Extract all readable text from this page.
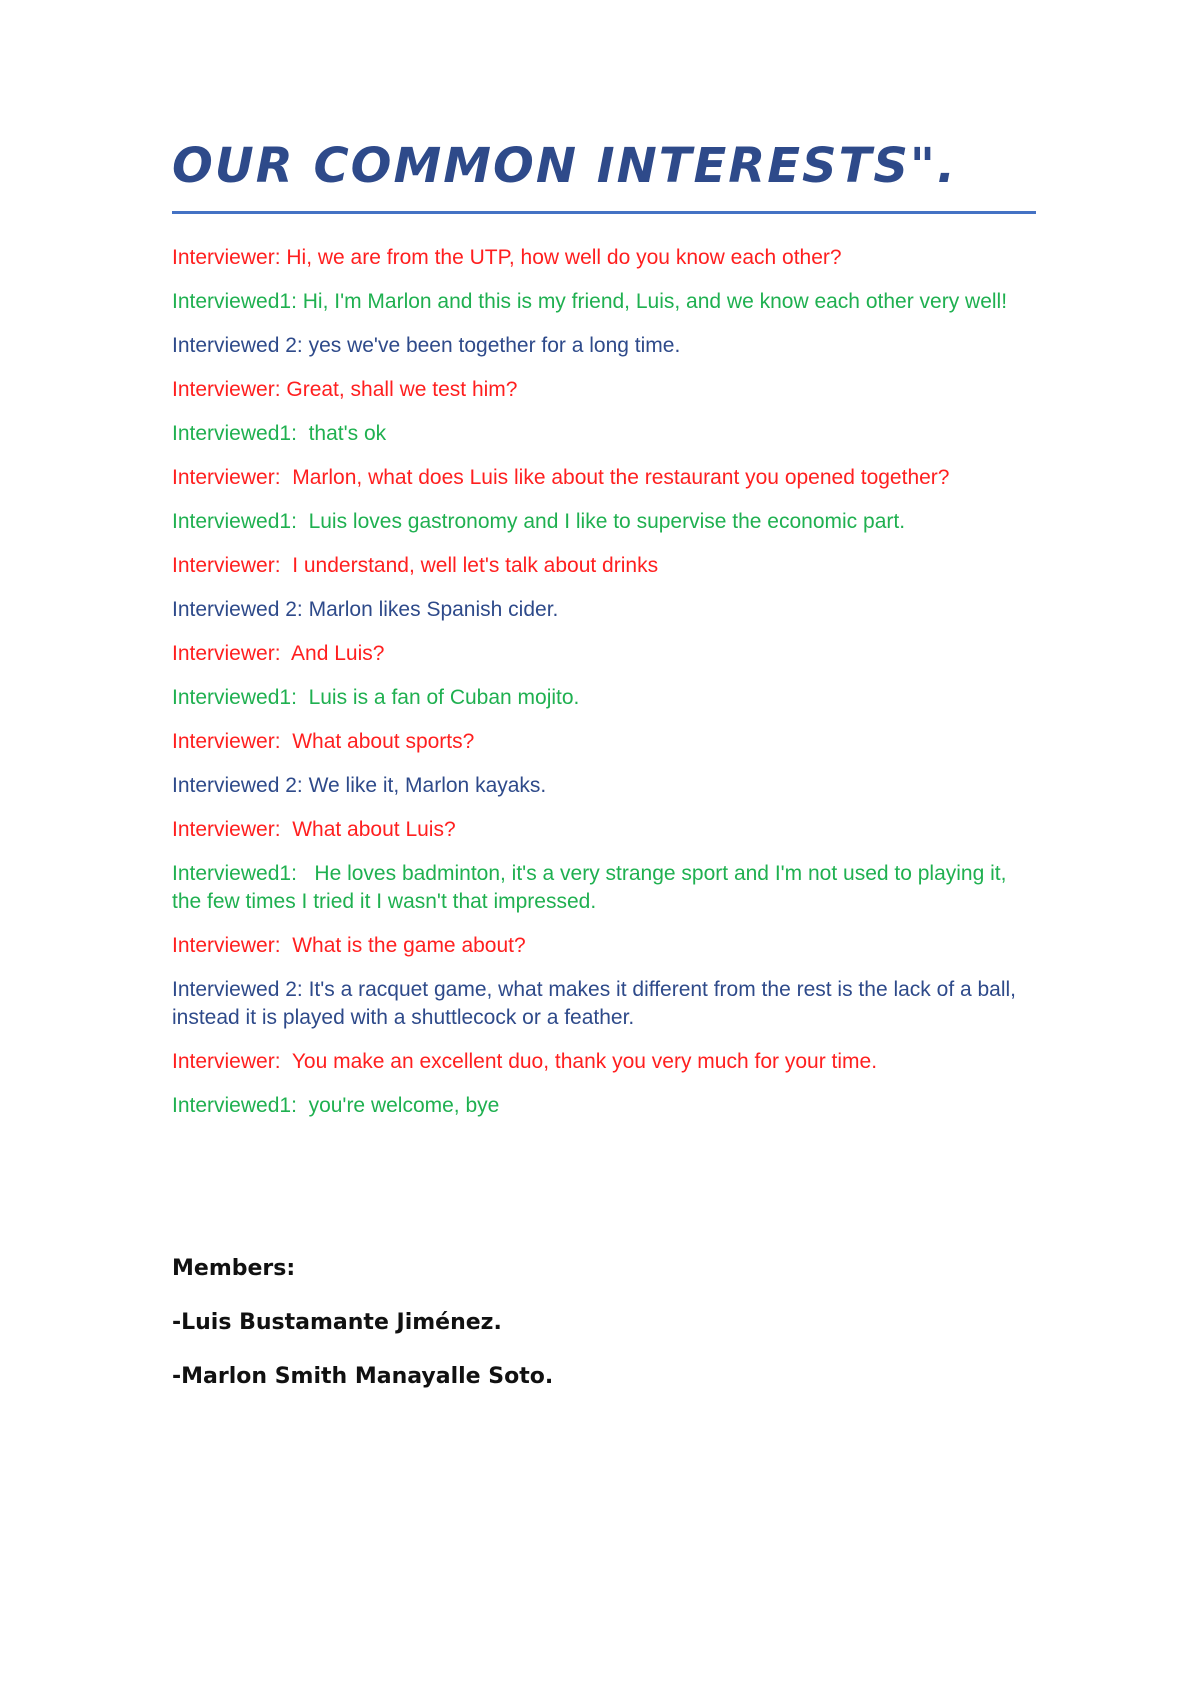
OUR COMMON INTERESTS".

Interviewer: Hi, we are from the UTP, how well do you know each other?

Interviewed1: Hi, I'm Marlon and this is my friend, Luis, and we know each other very well!

Interviewed 2: yes we've been together for a long time.

Interviewer: Great, shall we test him?

Interviewed1:  that's ok

Interviewer:  Marlon, what does Luis like about the restaurant you opened together?

Interviewed1:  Luis loves gastronomy and I like to supervise the economic part.

Interviewer:  I understand, well let's talk about drinks

Interviewed 2: Marlon likes Spanish cider.

Interviewer:  And Luis?

Interviewed1:  Luis is a fan of Cuban mojito.

Interviewer:  What about sports?

Interviewed 2: We like it, Marlon kayaks.

Interviewer:  What about Luis?

Interviewed1:   He loves badminton, it's a very strange sport and I'm not used to playing it, the few times I tried it I wasn't that impressed.

Interviewer:  What is the game about?

Interviewed 2: It's a racquet game, what makes it different from the rest is the lack of a ball, instead it is played with a shuttlecock or a feather.

Interviewer:  You make an excellent duo, thank you very much for your time.

Interviewed1:  you're welcome, bye

Members:

-Luis Bustamante Jiménez.

-Marlon Smith Manayalle Soto.
